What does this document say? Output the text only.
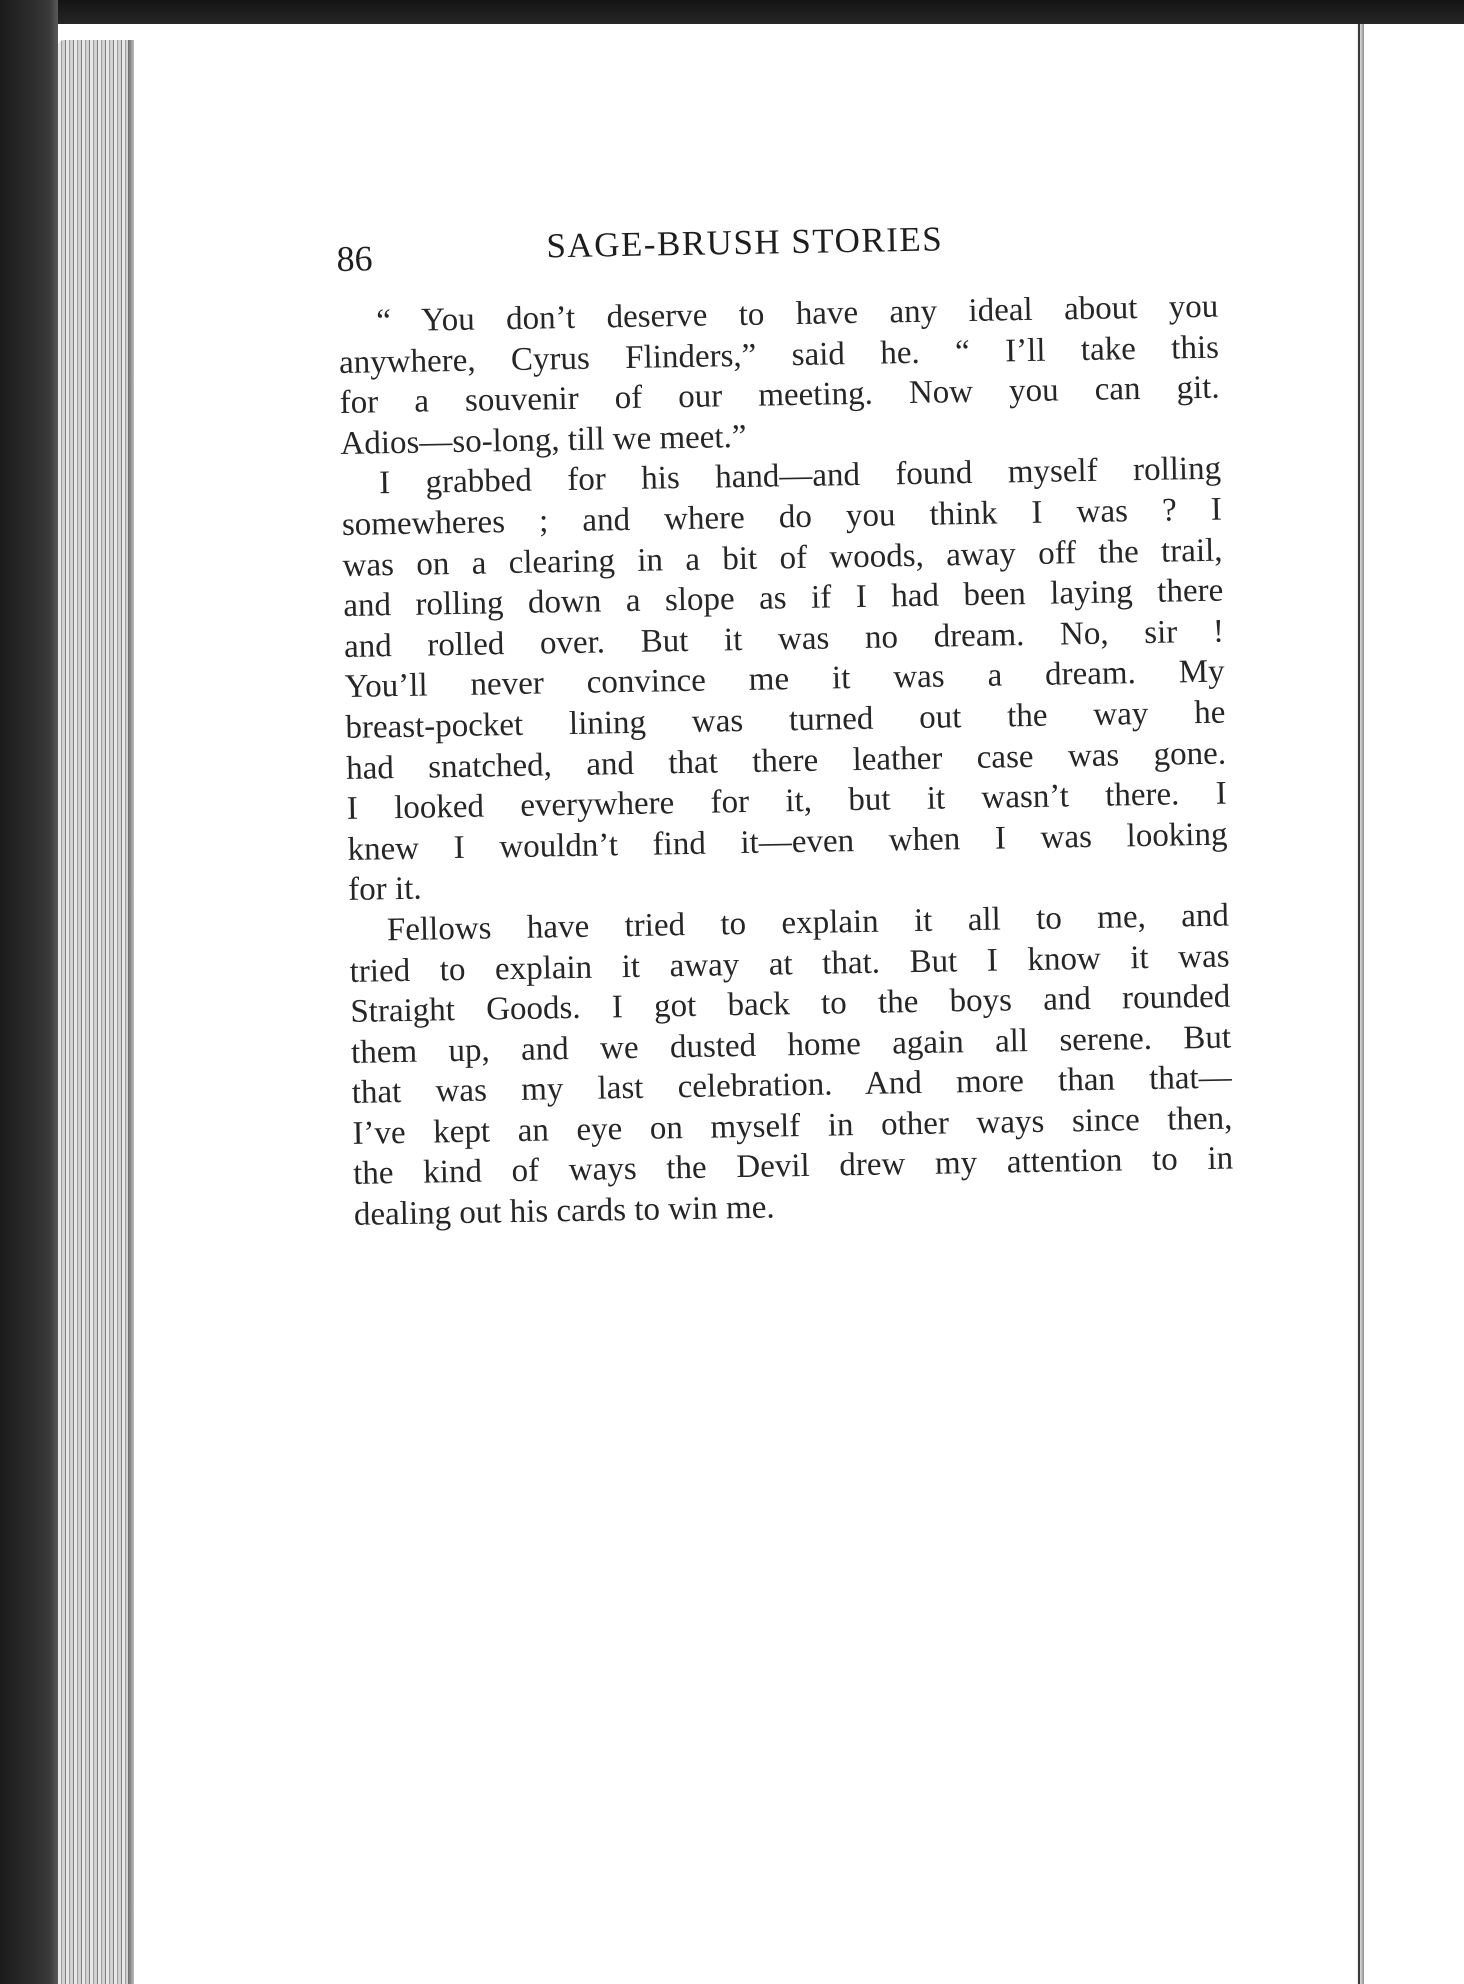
86	SAGE-BRUSH STORIES
“ You don’t deserve to have any ideal about you
anywhere, Cyrus Flinders,” said he. “ I’ll take this
for a souvenir of our meeting. Now you can git.
Adios—so-long, till we meet.”
I grabbed for his hand—and found myself rolling
somewheres ; and where do you think I was ? I
was on a clearing in a bit of woods, away off the trail,
and rolling down a slope as if I had been laying there
and rolled over. But it was no dream. No, sir !
You’ll never convince me it was a dream. My
breast-pocket lining was turned out the way he
had snatched, and that there leather case was gone.
I looked everywhere for it, but it wasn’t there. I
knew I wouldn’t find it—even when I was looking
for it.
Fellows have tried to explain it all to me, and
tried to explain it away at that. But I know it was
Straight Goods. I got back to the boys and rounded
them up, and we dusted home again all serene. But
that was my last celebration. And more than that—
I’ve kept an eye on myself in other ways since then,
the kind of ways the Devil drew my attention to in
dealing out his cards to win me.
